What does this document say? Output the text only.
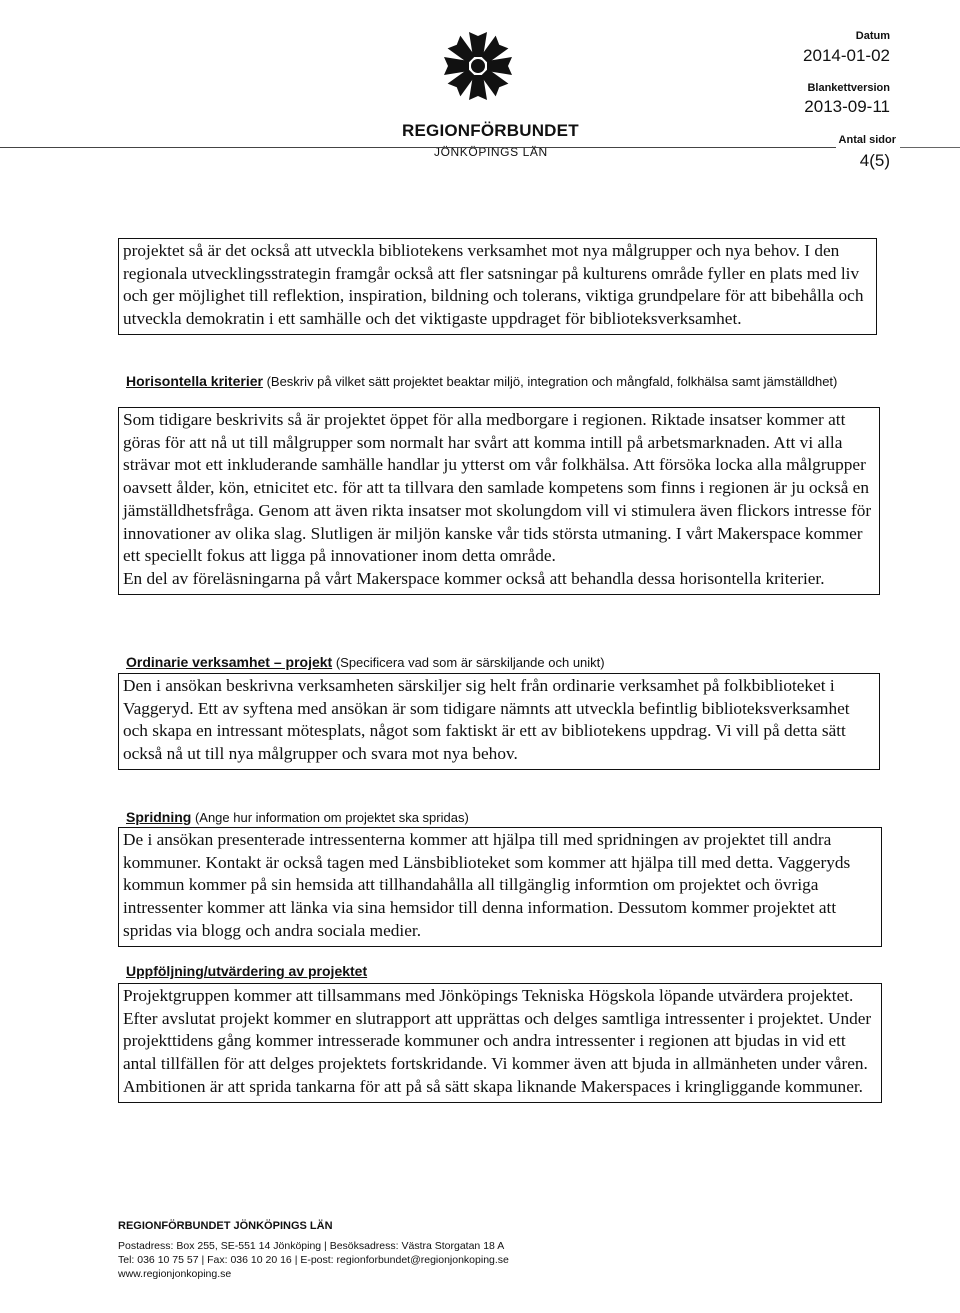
REGIONFÖRBUNDET
JÖNKÖPINGS LÄN
Datum
2014-01-02
Blankettversion
2013-09-11
Antal sidor
4(5)

projektet så är det också att utveckla bibliotekens verksamhet mot nya målgrupper och nya behov. I den regionala utvecklingsstrategin framgår också att fler satsningar på kulturens område fyller en plats med liv och ger möjlighet till reflektion, inspiration, bildning och tolerans, viktiga grundpelare för att bibehålla och utveckla demokratin i ett samhälle och det viktigaste uppdraget för biblioteksverksamhet.

Horisontella kriterier (Beskriv på vilket sätt projektet beaktar miljö, integration och mångfald, folkhälsa samt jämställdhet)

Som tidigare beskrivits så är projektet öppet för alla medborgare i regionen. Riktade insatser kommer att göras för att nå ut till målgrupper som normalt har svårt att komma intill på arbetsmarknaden. Att vi alla strävar mot ett inkluderande samhälle handlar ju ytterst om vår folkhälsa. Att försöka locka alla målgrupper oavsett ålder, kön, etnicitet etc. för att ta tillvara den samlade kompetens som finns i regionen är ju också en jämställdhetsfråga. Genom att även rikta insatser mot skolungdom vill vi stimulera även flickors intresse för innovationer av olika slag. Slutligen är miljön kanske vår tids största utmaning. I vårt Makerspace kommer ett speciellt fokus att ligga på innovationer inom detta område.

En del av föreläsningarna på vårt Makerspace kommer också att behandla dessa horisontella kriterier.

Ordinarie verksamhet – projekt (Specificera vad som är särskiljande och unikt)

Den i ansökan beskrivna verksamheten särskiljer sig helt från ordinarie verksamhet på folkbiblioteket i Vaggeryd. Ett av syftena med ansökan är som tidigare nämnts att utveckla befintlig biblioteksverksamhet och skapa en intressant mötesplats, något som faktiskt är ett av bibliotekens uppdrag. Vi vill på detta sätt också nå ut till nya målgrupper och svara mot nya behov.

Spridning (Ange hur information om projektet ska spridas)

De i ansökan presenterade intressenterna kommer att hjälpa till med spridningen av projektet till andra kommuner. Kontakt är också tagen med Länsbiblioteket som kommer att hjälpa till med detta. Vaggeryds kommun kommer på sin hemsida att tillhandahålla all tillgänglig informtion om projektet och övriga intressenter kommer att länka via sina hemsidor till denna information. Dessutom kommer projektet att spridas via blogg och andra sociala medier.

Uppföljning/utvärdering av projektet

Projektgruppen kommer att tillsammans med Jönköpings Tekniska Högskola löpande utvärdera projektet. Efter avslutat projekt kommer en slutrapport att upprättas och delges samtliga intressenter i projektet. Under projekttidens gång kommer intresserade kommuner och andra intressenter i regionen att bjudas in vid ett antal tillfällen för att delges projektets fortskridande. Vi kommer även att bjuda in allmänheten under våren. Ambitionen är att sprida tankarna för att på så sätt skapa liknande Makerspaces i kringliggande kommuner.

REGIONFÖRBUNDET JÖNKÖPINGS LÄN
Postadress: Box 255, SE-551 14 Jönköping | Besöksadress: Västra Storgatan 18 A
Tel: 036 10 75 57 | Fax: 036 10 20 16 | E-post: regionforbundet@regionjonkoping.se
www.regionjonkoping.se
